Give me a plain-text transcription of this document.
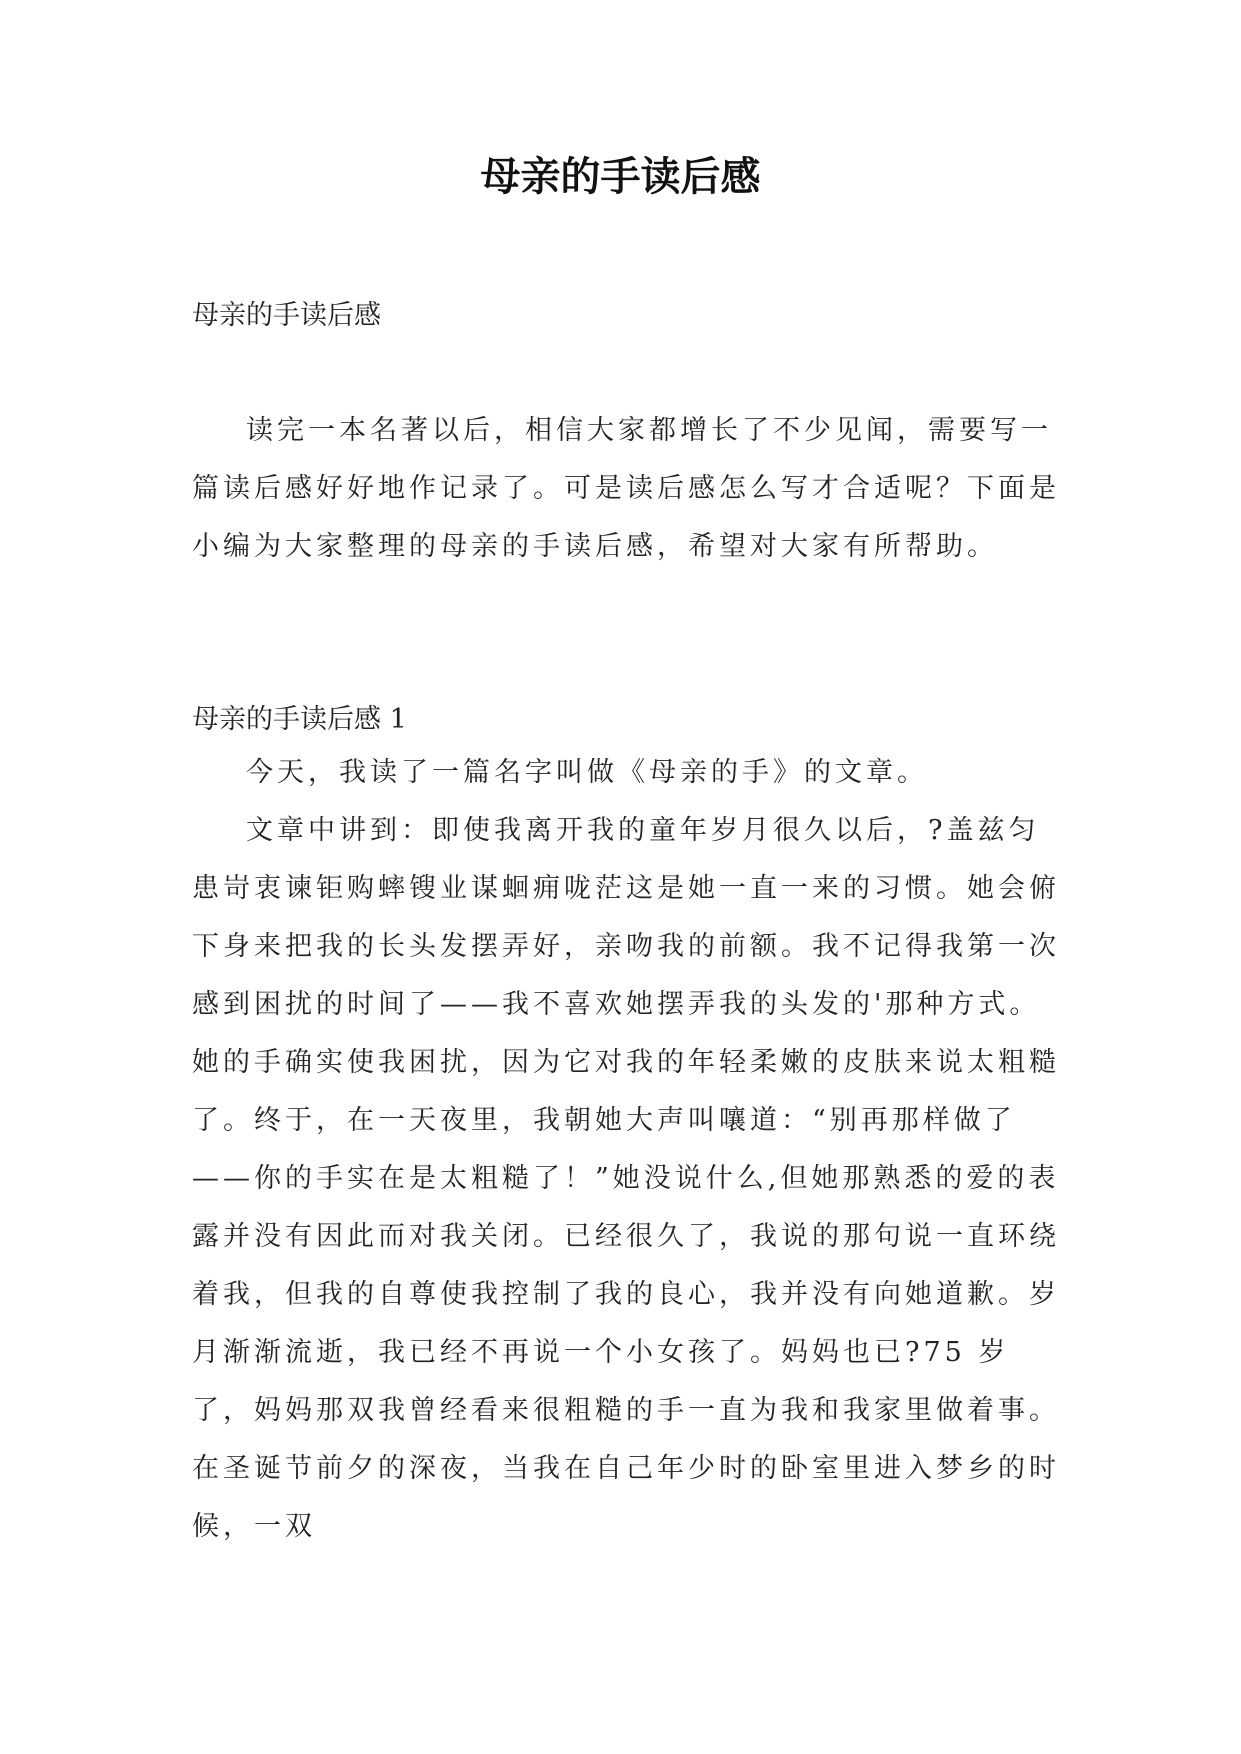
母亲的手读后感
母亲的手读后感

读完一本名著以后，相信大家都增长了不少见闻，需要写一篇读后感好好地作记录了。可是读后感怎么写才合适呢？下面是小编为大家整理的母亲的手读后感，希望对大家有所帮助。

母亲的手读后感 1

今天，我读了一篇名字叫做《母亲的手》的文章。

文章中讲到：即使我离开我的童年岁月很久以后，?盖兹匀患岢衷谏钜购蟀锼业谋蛔痈咙茫这是她一直一来的习惯。她会俯下身来把我的长头发摆弄好，亲吻我的前额。我不记得我第一次感到困扰的时间了——我不喜欢她摆弄我的头发的'那种方式。她的手确实使我困扰，因为它对我的年轻柔嫩的皮肤来说太粗糙了。终于，在一天夜里，我朝她大声叫嚷道：“别再那样做了——你的手实在是太粗糙了！”她没说什么,但她那熟悉的爱的表露并没有因此而对我关闭。已经很久了，我说的那句说一直环绕着我，但我的自尊使我控制了我的良心，我并没有向她道歉。岁月渐渐流逝，我已经不再说一个小女孩了。妈妈也已?75 岁了，妈妈那双我曾经看来很粗糙的手一直为我和我家里做着事。在圣诞节前夕的深夜，当我在自己年少时的卧室里进入梦乡的时候，一双
